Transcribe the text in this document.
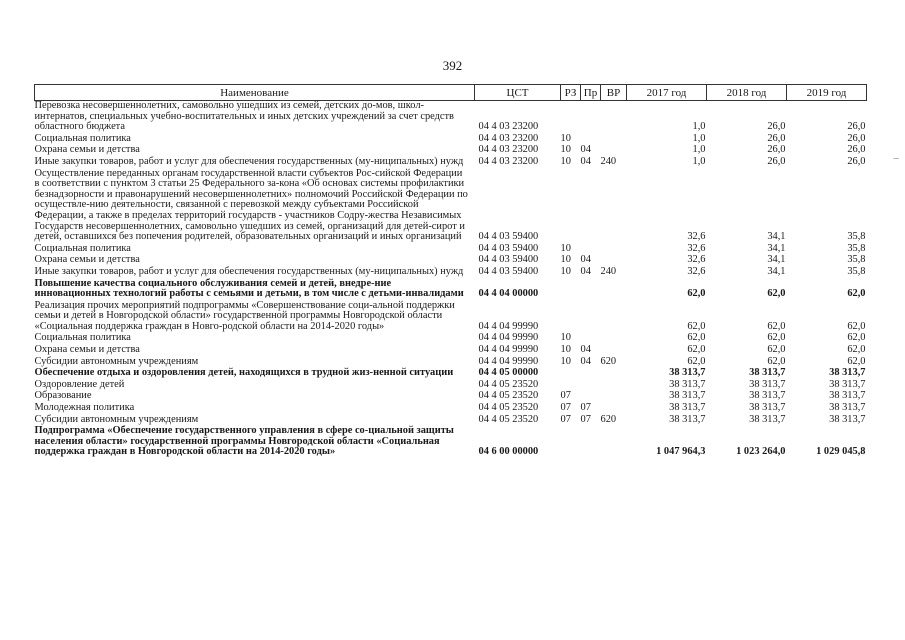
392
Наименование	ЦСТ	РЗ	Пр	ВР	2017 год	2018 год	2019 год
Перевозка несовершеннолетних, самовольно ушедших из семей, детских до-мов, школ-интернатов, специальных учебно-воспитательных и иных детских учреждений за счет средств областного бюджета	04 4 03 23200				1,0	26,0	26,0
Социальная политика	04 4 03 23200	10			1,0	26,0	26,0
Охрана семьи и детства	04 4 03 23200	10	04		1,0	26,0	26,0
Иные закупки товаров, работ и услуг для обеспечения государственных (му-ниципальных) нужд	04 4 03 23200	10	04	240	1,0	26,0	26,0
Осуществление переданных органам государственной власти субъектов Рос-сийской Федерации в соответствии с пунктом 3 статьи 25 Федерального за-кона «Об основах системы профилактики безнадзорности и правонарушений несовершеннолетних» полномочий Российской Федерации по осуществле-нию деятельности, связанной с перевозкой между субъектами Российской Федерации, а также в пределах территорий государств - участников Содру-жества Независимых Государств несовершеннолетних, самовольно ушедших из семей, организаций для детей-сирот и детей, оставшихся без попечения родителей, образовательных организаций и иных организаций	04 4 03 59400				32,6	34,1	35,8
Социальная политика	04 4 03 59400	10			32,6	34,1	35,8
Охрана семьи и детства	04 4 03 59400	10	04		32,6	34,1	35,8
Иные закупки товаров, работ и услуг для обеспечения государственных (му-ниципальных) нужд	04 4 03 59400	10	04	240	32,6	34,1	35,8
Повышение качества социального обслуживания семей и детей, внедре-ние инновационных технологий работы с семьями и детьми, в том числе с детьми-инвалидами	04 4 04 00000				62,0	62,0	62,0
Реализация прочих мероприятий подпрограммы «Совершенствование соци-альной поддержки семьи и детей в Новгородской области» государственной программы Новгородской области «Социальная поддержка граждан в Новго-родской области на 2014-2020 годы»	04 4 04 99990				62,0	62,0	62,0
Социальная политика	04 4 04 99990	10			62,0	62,0	62,0
Охрана семьи и детства	04 4 04 99990	10	04		62,0	62,0	62,0
Субсидии автономным учреждениям	04 4 04 99990	10	04	620	62,0	62,0	62,0
Обеспечение отдыха и оздоровления детей, находящихся в трудной жиз-ненной ситуации	04 4 05 00000				38 313,7	38 313,7	38 313,7
Оздоровление детей	04 4 05 23520				38 313,7	38 313,7	38 313,7
Образование	04 4 05 23520	07			38 313,7	38 313,7	38 313,7
Молодежная политика	04 4 05 23520	07	07		38 313,7	38 313,7	38 313,7
Субсидии автономным учреждениям	04 4 05 23520	07	07	620	38 313,7	38 313,7	38 313,7
Подпрограмма «Обеспечение государственного управления в сфере со-циальной защиты населения области» государственной программы Новгородской области «Социальная поддержка граждан в Новгородской области на 2014-2020 годы»	04 6 00 00000				1 047 964,3	1 023 264,0	1 029 045,8
–
